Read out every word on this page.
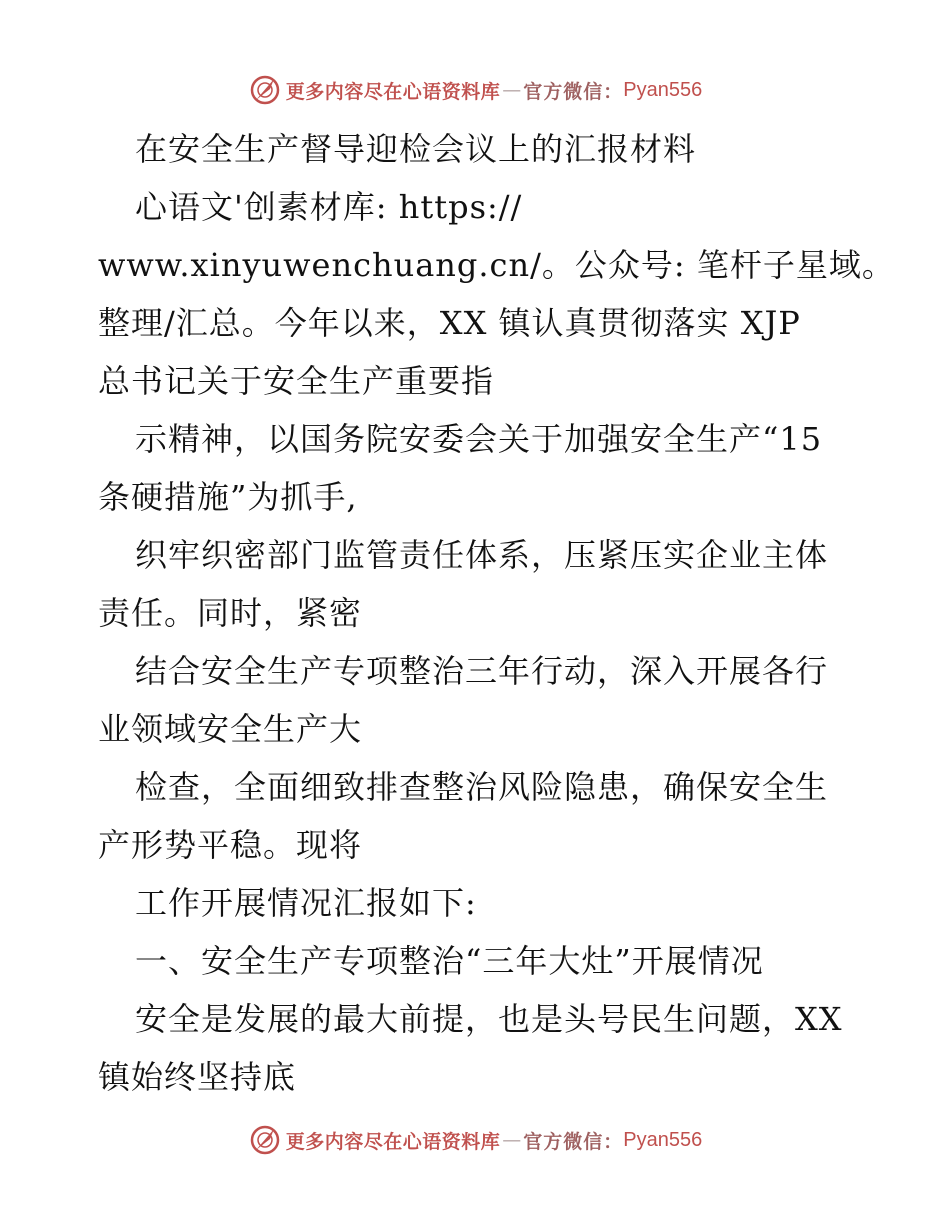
更多内容尽在心语资料库 — 官方微信： Pyan556
在安全生产督导迎检会议上的汇报材料
心语文'创素材库: https://
www.xinyuwenchuang.cn/。公众号: 笔杆子星域。
整理/汇总。今年以来，XX 镇认真贯彻落实 XJP
总书记关于安全生产重要指
示精神，以国务院安委会关于加强安全生产“15
条硬措施”为抓手,
织牢织密部门监管责任体系，压紧压实企业主体
责任。同时，紧密
结合安全生产专项整治三年行动，深入开展各行
业领域安全生产大
检查，全面细致排查整治风险隐患，确保安全生
产形势平稳。现将
工作开展情况汇报如下:
一、安全生产专项整治“三年大灶”开展情况
安全是发展的最大前提，也是头号民生问题，XX
镇始终坚持底
更多内容尽在心语资料库 — 官方微信： Pyan556
